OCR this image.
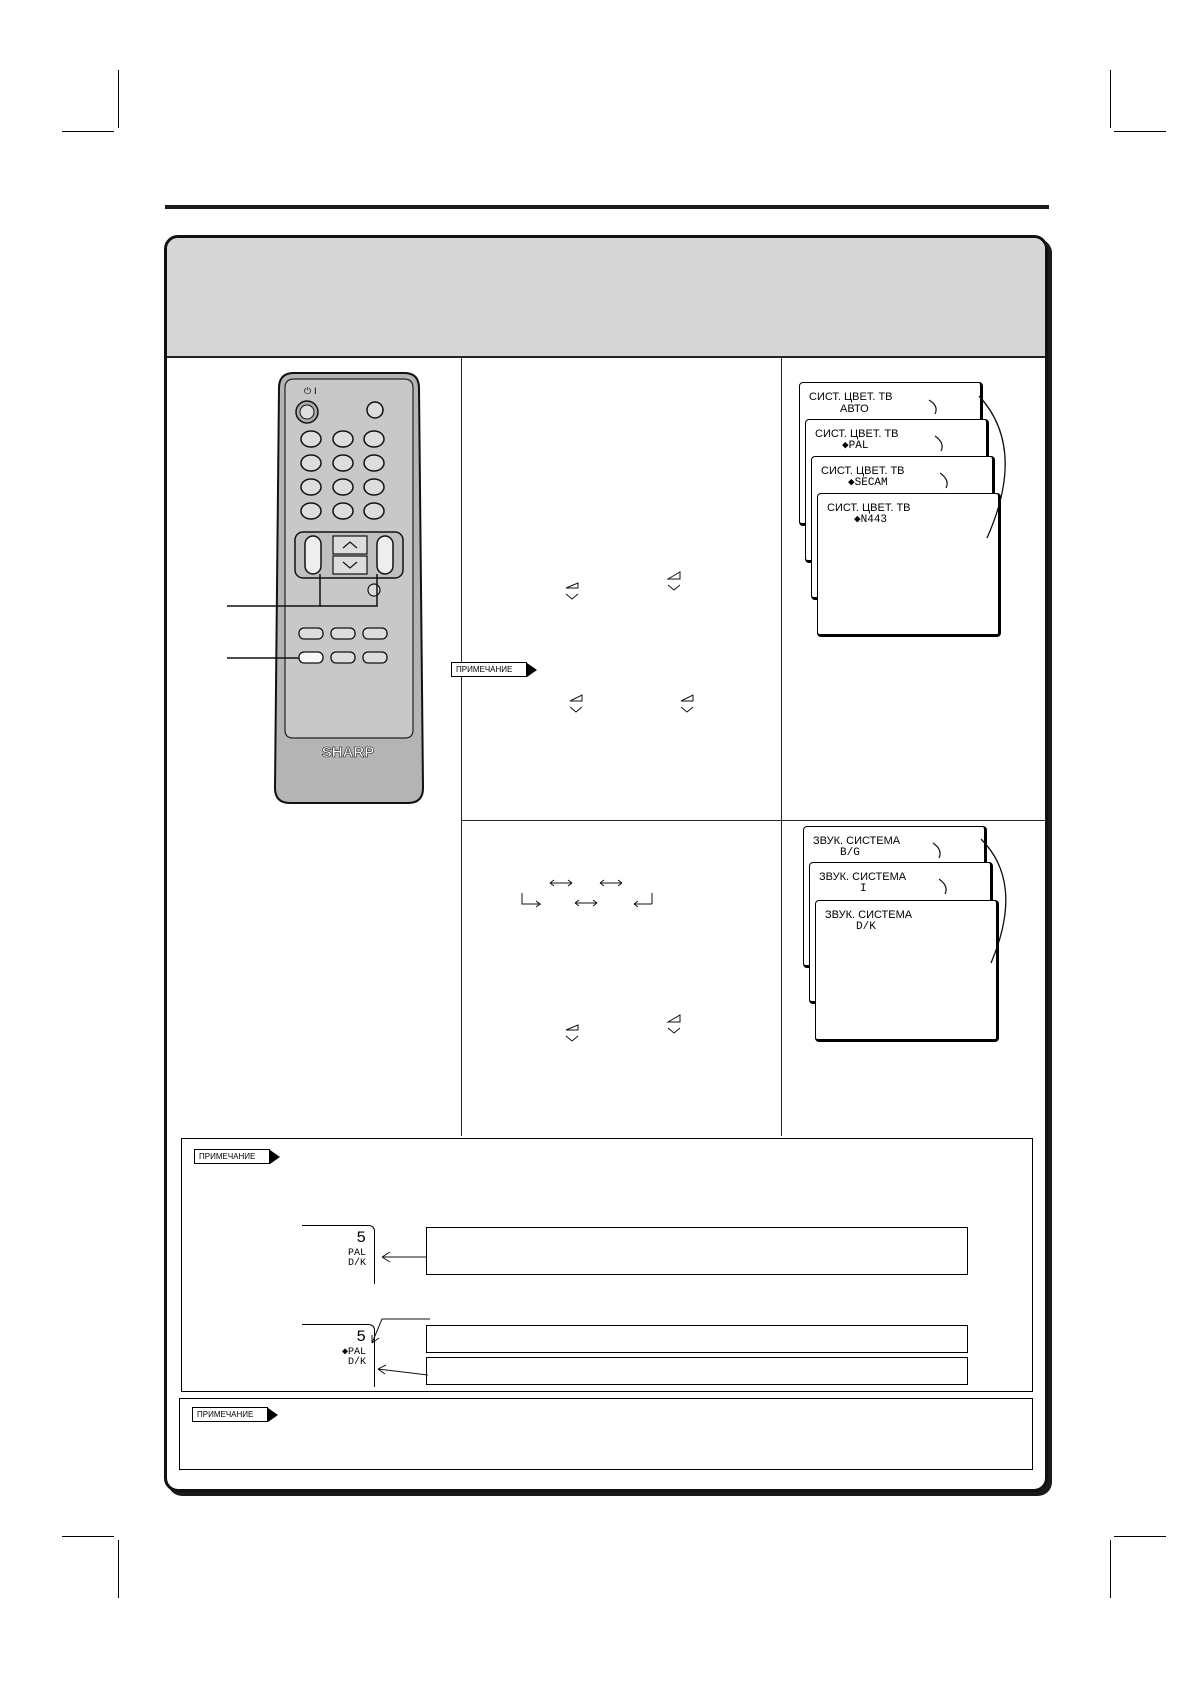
⏻ I
SHARP
СИСТ. ЦВЕТ. ТВ
АВТО
СИСТ. ЦВЕТ. ТВ
◆PAL
СИСТ. ЦВЕТ. ТВ
◆SECAM
СИСТ. ЦВЕТ. ТВ
◆N443
ЗВУК. СИСТЕМА
B/G
ЗВУК. СИСТЕМА
I
ЗВУК. СИСТЕМА
D/K
ПРИМЕЧАНИЕ
ПРИМЕЧАНИЕ
5
PAL
D/K
5
◆PAL
D/K
ПРИМЕЧАНИЕ
